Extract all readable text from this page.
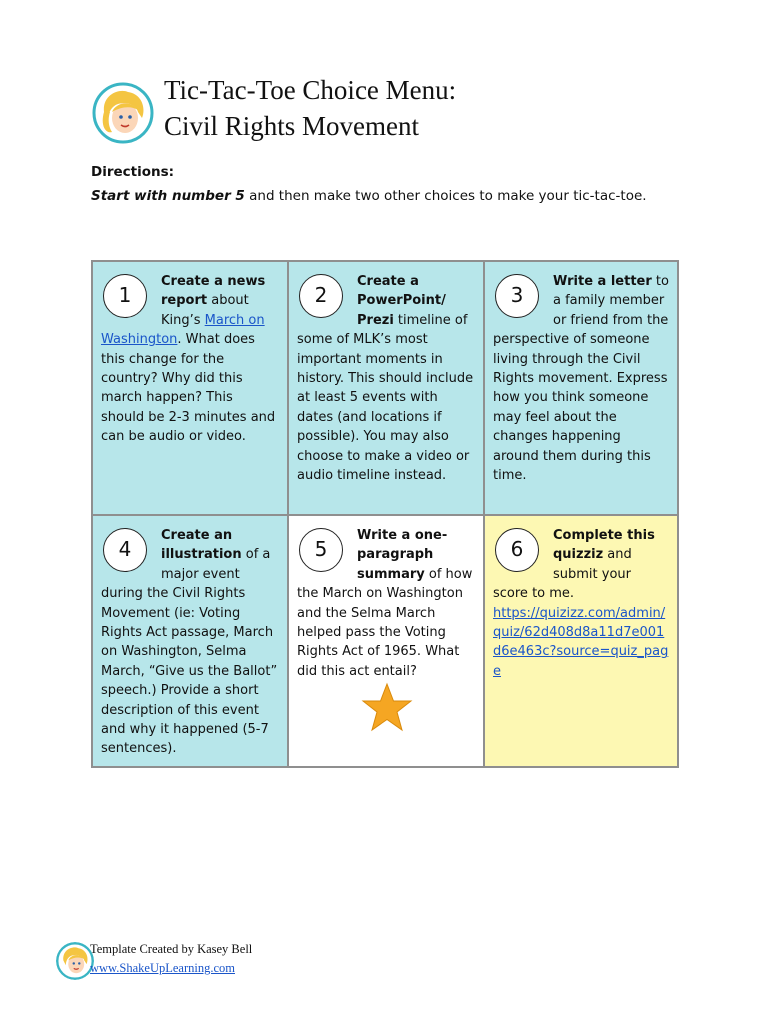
Tic-Tac-Toe Choice Menu:
Civil Rights Movement
Directions:
Start with number 5 and then make two other choices to make your tic-tac-toe.
1
Create a news report about King’s March on Washington. What does this change for the country? Why did this march happen? This should be 2-3 minutes and can be audio or video.
2
Create a PowerPoint/ Prezi timeline of some of MLK’s most important moments in history. This should include at least 5 events with dates (and locations if possible). You may also choose to make a video or audio timeline instead.
3
Write a letter to a family member or friend from the perspective of someone living through the Civil Rights movement. Express how you think someone may feel about the changes happening around them during this time.
4
Create an illustration of a major event during the Civil Rights Movement (ie: Voting Rights Act passage, March on Washington, Selma March, “Give us the Ballot” speech.) Provide a short description of this event and why it happened (5-7 sentences).
5
Write a one-paragraph summary of how the March on Washington and the Selma March helped pass the Voting Rights Act of 1965. What did this act entail?
6
Complete this quizziz and submit your score to me.
https://quizizz.com/admin/quiz/62d408d8a11d7e001d6e463c?source=quiz_page
Template Created by Kasey Bell
www.ShakeUpLearning.com
